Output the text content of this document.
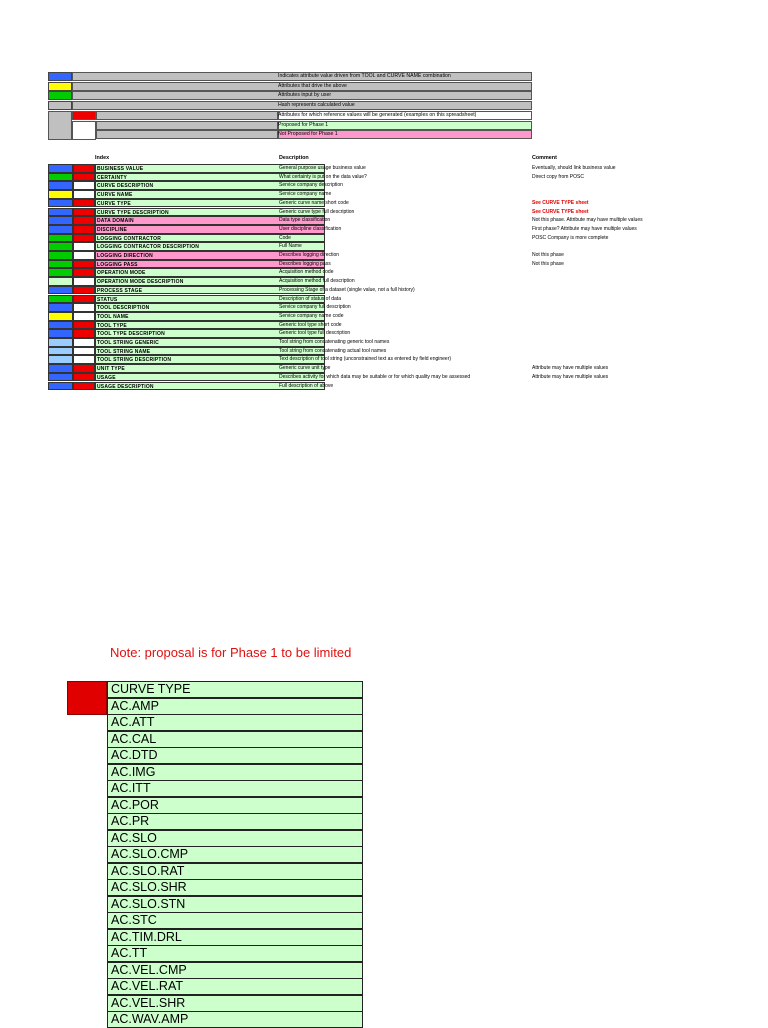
Indicates attribute value driven from TOOL and CURVE NAME combination
Attributes that drive the above
Attributes input by user
Hash represents calculated value
Attributes for which reference values will be generated (examples on this spreadsheet)
Proposed for Phase 1
Not Proposed for Phase 1
Index	Description	Comment
BUSINESS VALUE	General purpose usage business value	Eventually, should link business value
CERTAINTY	What certainty is put on the data value?	Direct copy from POSC
CURVE DESCRIPTION	Service company description
CURVE NAME	Service company name
CURVE TYPE	Generic curve name short code	See CURVE TYPE sheet
CURVE TYPE DESCRIPTION	Generic curve type full description	See CURVE TYPE sheet
DATA DOMAIN	Data type classification	Not this phase. Attribute may have multiple values
DISCIPLINE	User discipline classification	First phase? Attribute may have multiple values
LOGGING CONTRACTOR	Code	POSC Company is more complete
LOGGING CONTRACTOR DESCRIPTION	Full Name
LOGGING DIRECTION	Describes logging direction	Not this phase
LOGGING PASS	Describes logging pass	Not this phase
OPERATION MODE	Acquisition method code
OPERATION MODE DESCRIPTION	Acquisition method full description
PROCESS STAGE	Processing Stage of a dataset (single value, not a full history)
STATUS	Description of status of data
TOOL DESCRIPTION	Service company full description
TOOL NAME	Service company name code
TOOL TYPE	Generic tool type short code
TOOL TYPE DESCRIPTION	Generic tool type full description
TOOL STRING GENERIC	Tool string from concatenating generic tool names
TOOL STRING NAME	Tool string from concatenating actual tool names
TOOL STRING DESCRIPTION	Text description of tool string (unconstrained text as entered by field engineer)
UNIT TYPE	Generic curve unit type	Attribute may have multiple values
USAGE	Describes activity for which data may be suitable or for which quality may be assessed	Attribute may have multiple values
USAGE DESCRIPTION	Full description of above
Note: proposal is for Phase 1 to be limited
CURVE TYPE
AC.AMP
AC.ATT
AC.CAL
AC.DTD
AC.IMG
AC.ITT
AC.POR
AC.PR
AC.SLO
AC.SLO.CMP
AC.SLO.RAT
AC.SLO.SHR
AC.SLO.STN
AC.STC
AC.TIM.DRL
AC.TT
AC.VEL.CMP
AC.VEL.RAT
AC.VEL.SHR
AC.WAV.AMP
